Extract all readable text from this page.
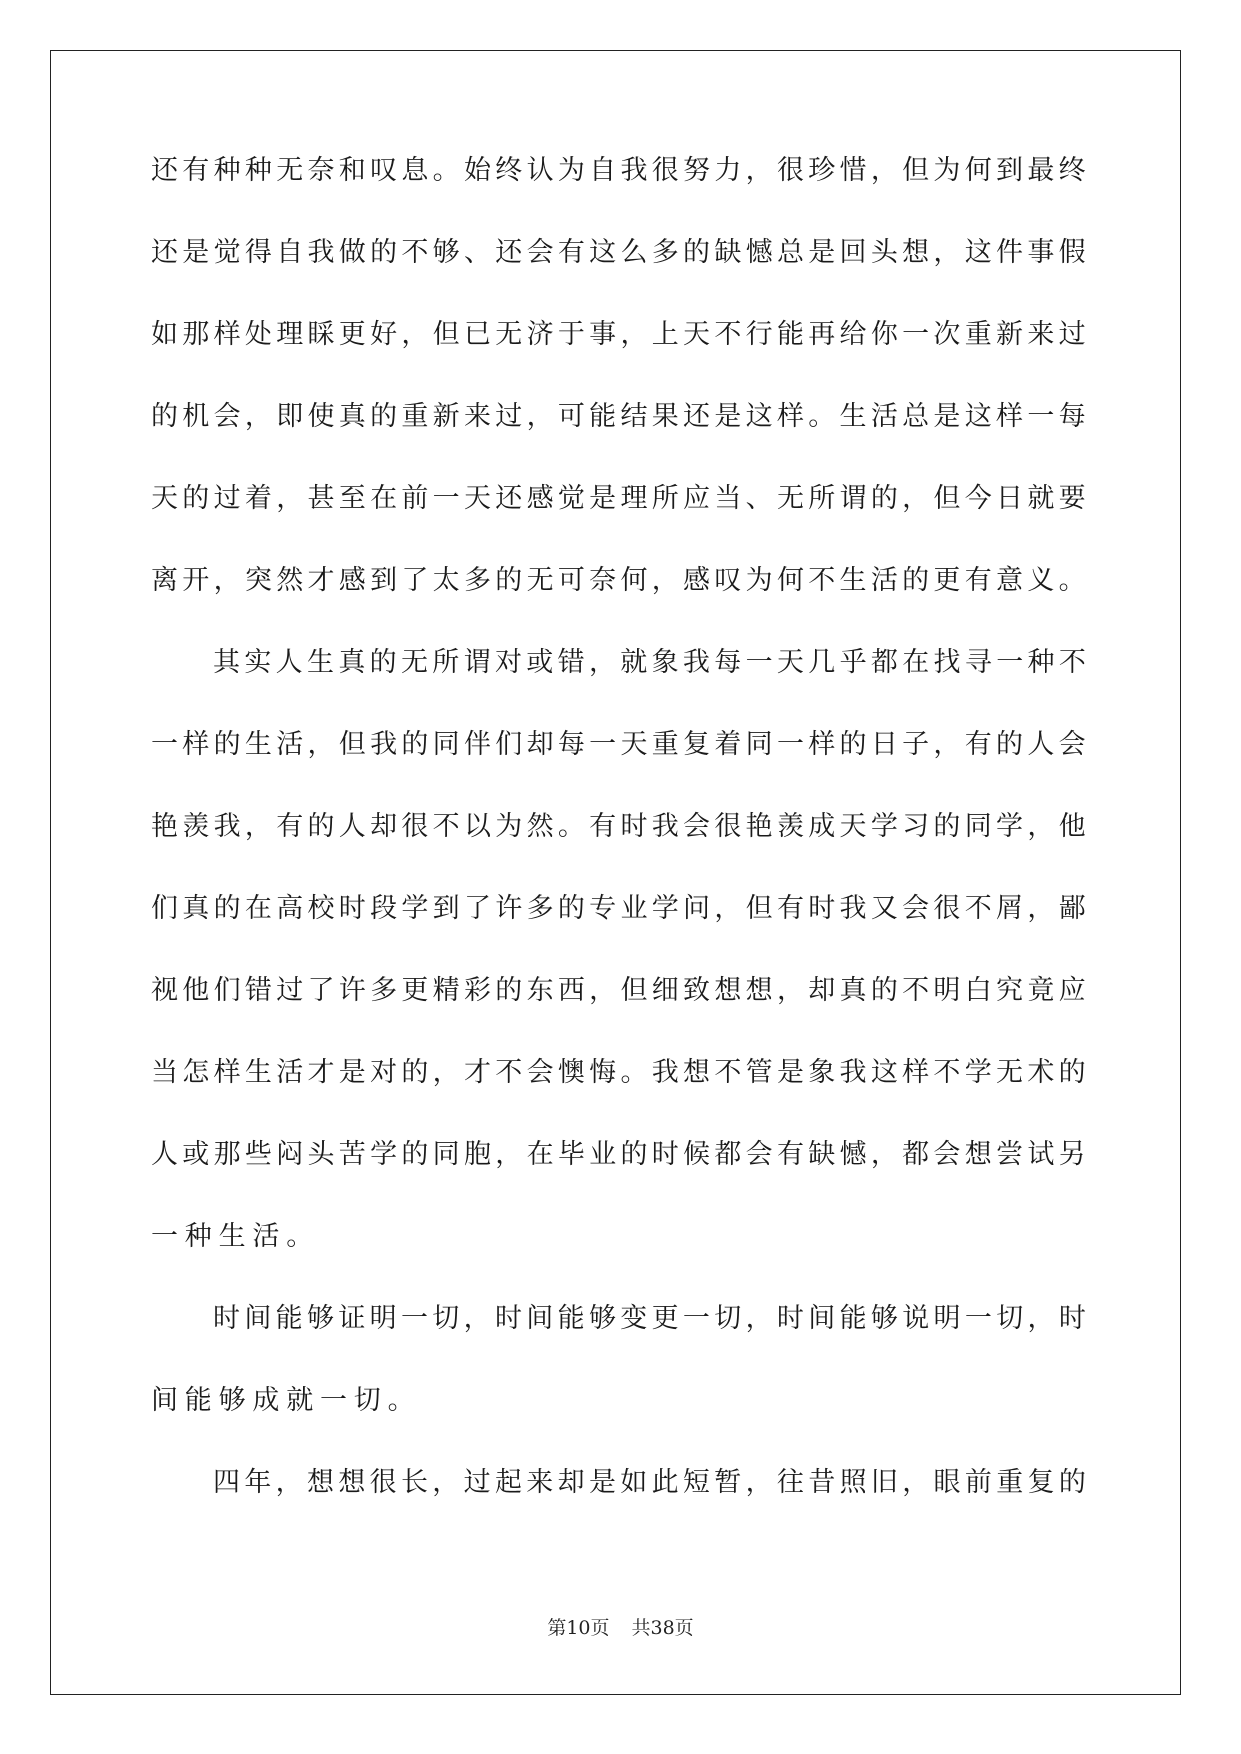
还 有 种 种 无 奈 和 叹 息 。 始 终 认 为 自 我 很 努 力 ， 很 珍 惜 ， 但 为 何 到 最 终
还 是 觉 得 自 我 做 的 不 够 、 还 会 有 这 么 多 的 缺 憾 总 是 回 头 想 ， 这 件 事 假
如 那 样 处 理 睬 更 好 ， 但 已 无 济 于 事 ， 上 天 不 行 能 再 给 你 一 次 重 新 来 过
的 机 会 ， 即 使 真 的 重 新 来 过 ， 可 能 结 果 还 是 这 样 。 生 活 总 是 这 样 一 每
天 的 过 着 ， 甚 至 在 前 一 天 还 感 觉 是 理 所 应 当 、 无 所 谓 的 ， 但 今 日 就 要
离 开 ， 突 然 才 感 到 了 太 多 的 无 可 奈 何 ， 感 叹 为 何 不 生 活 的 更 有 意 义 。
其 实 人 生 真 的 无 所 谓 对 或 错 ， 就 象 我 每 一 天 几 乎 都 在 找 寻 一 种 不
一 样 的 生 活 ， 但 我 的 同 伴 们 却 每 一 天 重 复 着 同 一 样 的 日 子 ， 有 的 人 会
艳 羡 我 ， 有 的 人 却 很 不 以 为 然 。 有 时 我 会 很 艳 羡 成 天 学 习 的 同 学 ， 他
们 真 的 在 高 校 时 段 学 到 了 许 多 的 专 业 学 问 ， 但 有 时 我 又 会 很 不 屑 ， 鄙
视 他 们 错 过 了 许 多 更 精 彩 的 东 西 ， 但 细 致 想 想 ， 却 真 的 不 明 白 究 竟 应
当 怎 样 生 活 才 是 对 的 ， 才 不 会 懊 悔 。 我 想 不 管 是 象 我 这 样 不 学 无 术 的
人 或 那 些 闷 头 苦 学 的 同 胞 ， 在 毕 业 的 时 候 都 会 有 缺 憾 ， 都 会 想 尝 试 另
一种生活。
时 间 能 够 证 明 一 切 ， 时 间 能 够 变 更 一 切 ， 时 间 能 够 说 明 一 切 ， 时
间能够成就一切。
四 年 ， 想 想 很 长 ， 过 起 来 却 是 如 此 短 暂 ， 往 昔 照 旧 ， 眼 前 重 复 的
第10页 共38页
